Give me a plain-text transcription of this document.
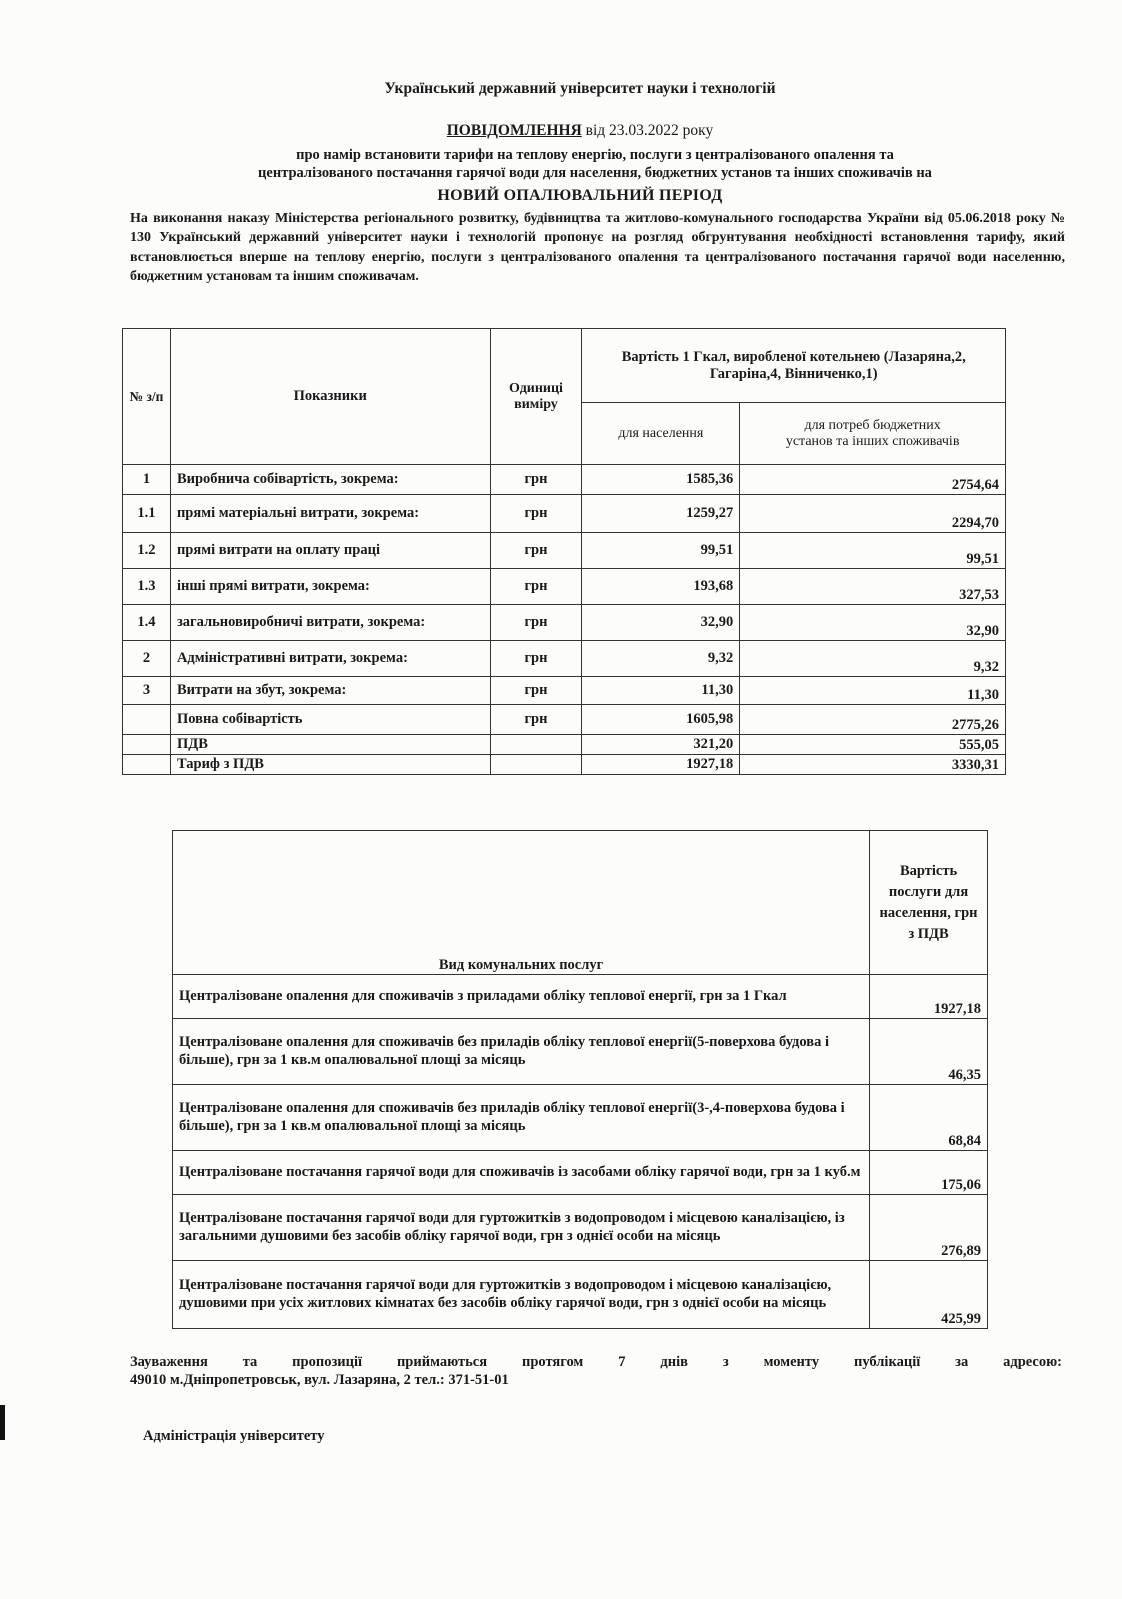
Український державний університет науки і технологій
ПОВІДОМЛЕННЯ від 23.03.2022 року
про намір встановити тарифи на теплову енергію, послуги з централізованого опалення та
централізованого постачання гарячої води для населення, бюджетних установ та інших споживачів на
НОВИЙ ОПАЛЮВАЛЬНИЙ ПЕРІОД
На виконання наказу Міністерства регіонального розвитку, будівництва та житлово-комунального господарства України від 05.06.2018 року № 130 Український державний університет науки і технологій пропонує на розгляд обгрунтування необхідності встановлення тарифу, який встановлюється вперше на теплову енергію, послуги з централізованого опалення та централізованого постачання гарячої води населенню, бюджетним установам та іншим споживачам.
№ з/п	Показники	Одиниці виміру	Вартість 1 Гкал, виробленої котельнею (Лазаряна,2, Гагаріна,4, Вінниченко,1)	
			для населення	для потреб бюджетних установ та інших споживачів
1	Виробнича собівартість, зокрема:	грн	1585,36	2754,64
1.1	прямі матеріальні витрати, зокрема:	грн	1259,27	2294,70
1.2	прямі витрати на оплату праці	грн	99,51	99,51
1.3	інші прямі витрати, зокрема:	грн	193,68	327,53
1.4	загальновиробничі витрати, зокрема:	грн	32,90	32,90
2	Адміністративні витрати, зокрема:	грн	9,32	9,32
3	Витрати на збут, зокрема:	грн	11,30	11,30
	Повна собівартість	грн	1605,98	2775,26
	ПДВ		321,20	555,05
	Тариф з ПДВ		1927,18	3330,31
Вид комунальних послуг	Вартість послуги для населення, грн з ПДВ
Централізоване опалення для споживачів з приладами обліку теплової енергії, грн за 1 Гкал	1927,18
Централізоване опалення для споживачів без приладів обліку теплової енергії(5-поверхова будова і більше), грн за 1 кв.м опалювальної площі за місяць	46,35
Централізоване опалення для споживачів без приладів обліку теплової енергії(3-,4-поверхова будова і більше), грн за 1 кв.м опалювальної площі за місяць	68,84
Централізоване постачання гарячої води для споживачів із засобами обліку гарячої води, грн за 1 куб.м	175,06
Централізоване постачання гарячої води для гуртожитків з водопроводом і місцевою каналізацією, із загальними душовими без засобів обліку гарячої води, грн з однієї особи на місяць	276,89
Централізоване постачання гарячої води для гуртожитків з водопроводом і місцевою каналізацією, душовими при усіх житлових кімнатах без засобів обліку гарячої води, грн з однієї особи на місяць	425,99
Зауваження та пропозиції приймаються протягом 7 днів з моменту публікації за адресою:
49010 м.Дніпропетровськ, вул. Лазаряна, 2 тел.: 371-51-01
Адміністрація університету
